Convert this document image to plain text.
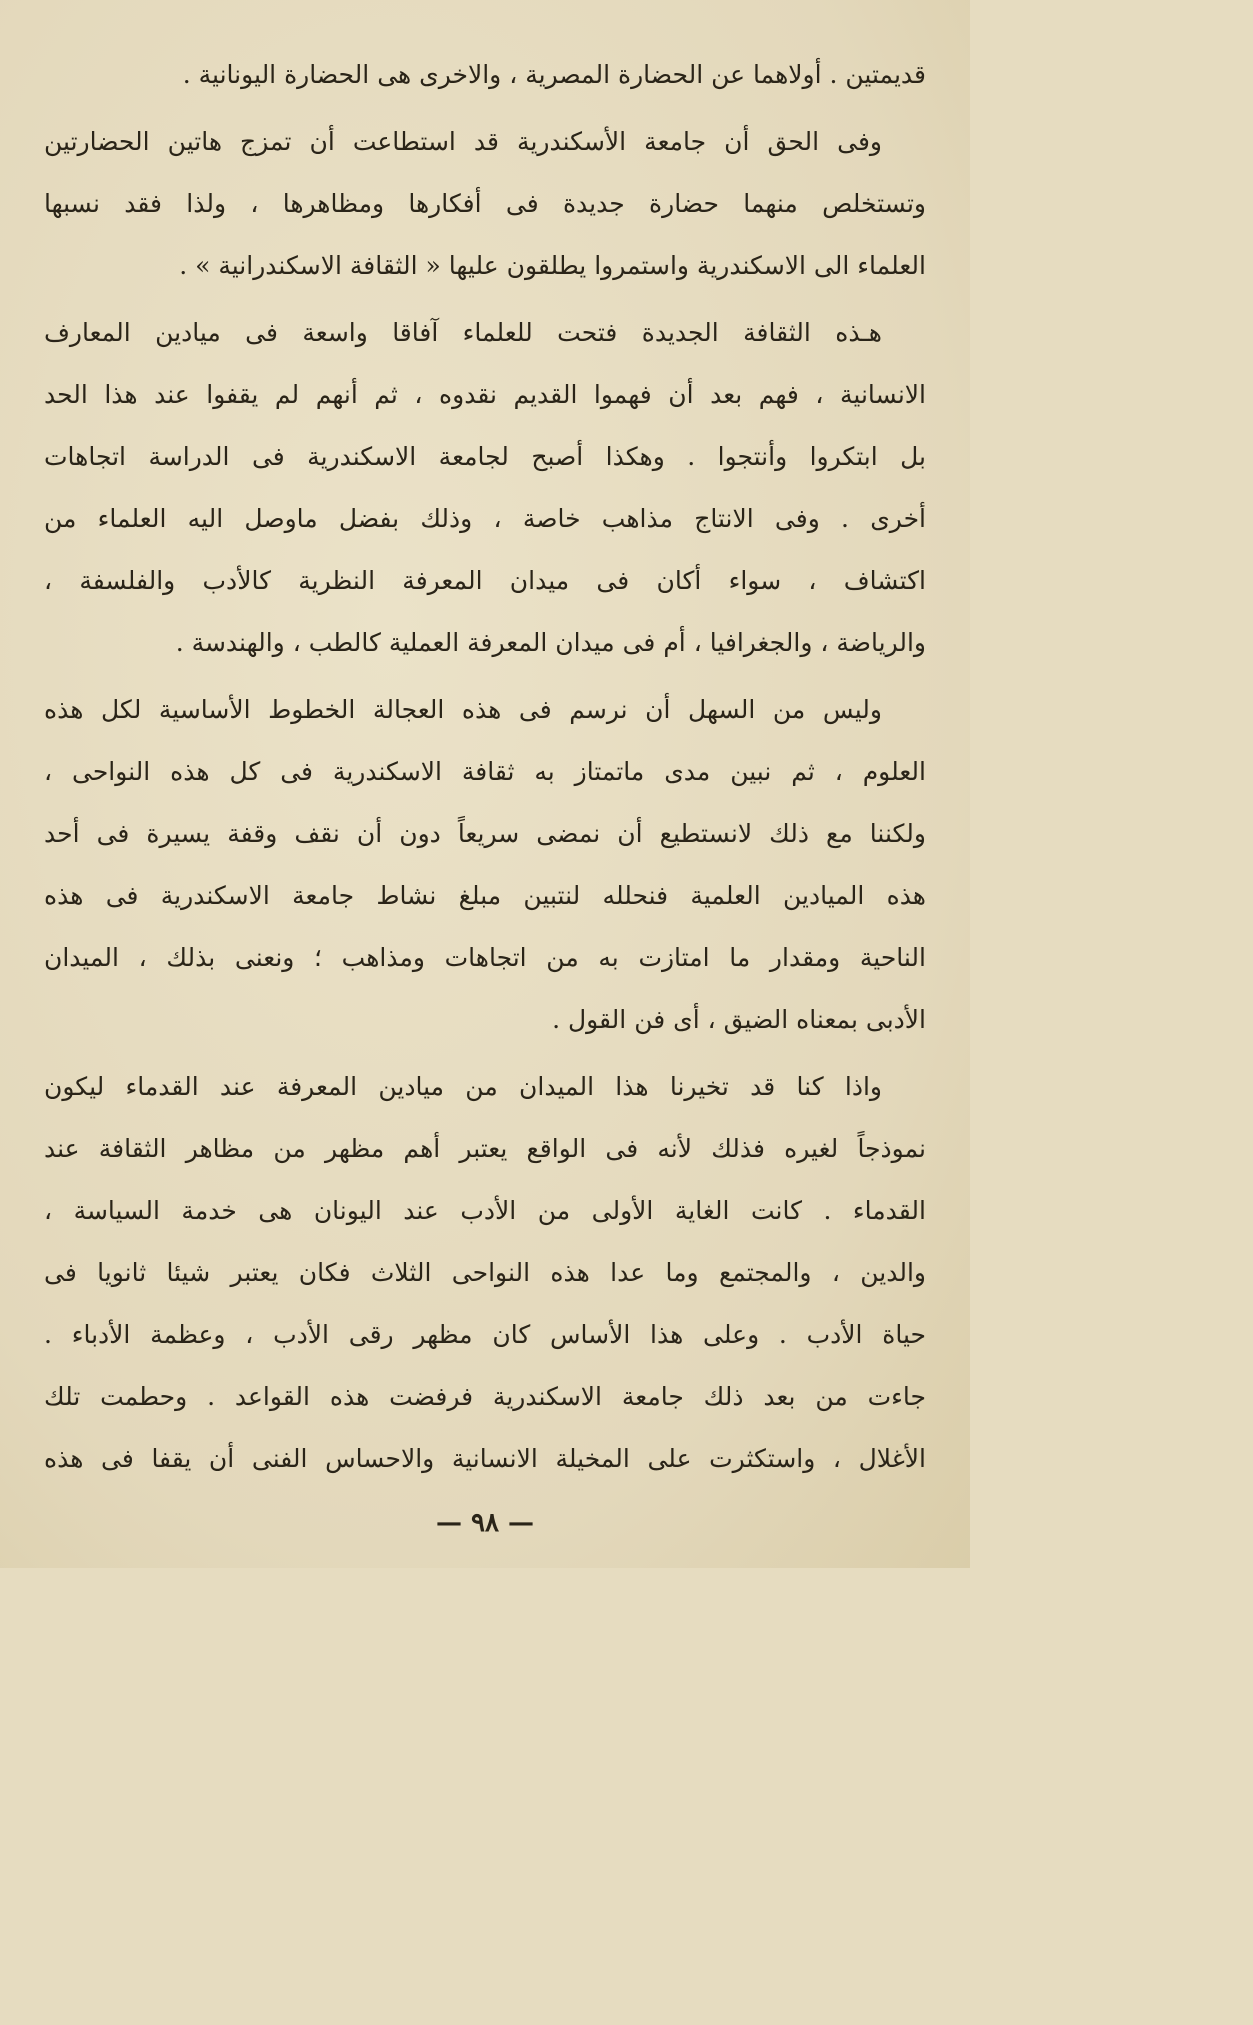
قديمتين . أولاهما عن الحضارة المصرية ، والاخرى هى الحضارة اليونانية .
وفى الحق أن جامعة الأسكندرية قد استطاعت أن تمزج هاتين الحضارتين
وتستخلص منهما حضارة جديدة فى أفكارها ومظاهرها ، ولذا فقد نسبها
العلماء الى الاسكندرية واستمروا يطلقون عليها « الثقافة الاسكندرانية » .
هـذه الثقافة الجديدة فتحت للعلماء آفاقا واسعة فى ميادين المعارف
الانسانية ، فهم بعد أن فهموا القديم نقدوه ، ثم أنهم لم يقفوا عند هذا الحد
بل ابتكروا وأنتجوا . وهكذا أصبح لجامعة الاسكندرية فى الدراسة اتجاهات
أخرى . وفى الانتاج مذاهب خاصة ، وذلك بفضل ماوصل اليه العلماء من
اكتشاف ، سواء أكان فى ميدان المعرفة النظرية كالأدب والفلسفة ،
والرياضة ، والجغرافيا ، أم فى ميدان المعرفة العملية كالطب ، والهندسة .
وليس من السهل أن نرسم فى هذه العجالة الخطوط الأساسية لكل هذه
العلوم ، ثم نبين مدى ماتمتاز به ثقافة الاسكندرية فى كل هذه النواحى ،
ولكننا مع ذلك لانستطيع أن نمضى سريعاً دون أن نقف وقفة يسيرة فى أحد
هذه الميادين العلمية فنحلله لنتبين مبلغ نشاط جامعة الاسكندرية فى هذه
الناحية ومقدار ما امتازت به من اتجاهات ومذاهب ؛ ونعنى بذلك ، الميدان
الأدبى بمعناه الضيق ، أى فن القول .
واذا كنا قد تخيرنا هذا الميدان من ميادين المعرفة عند القدماء ليكون
نموذجاً لغيره فذلك لأنه فى الواقع يعتبر أهم مظهر من مظاهر الثقافة عند
القدماء . كانت الغاية الأولى من الأدب عند اليونان هى خدمة السياسة ،
والدين ، والمجتمع وما عدا هذه النواحى الثلاث فكان يعتبر شيئا ثانويا فى
حياة الأدب . وعلى هذا الأساس كان مظهر رقى الأدب ، وعظمة الأدباء .
جاءت من بعد ذلك جامعة الاسكندرية فرفضت هذه القواعد . وحطمت تلك
الأغلال ، واستكثرت على المخيلة الانسانية والاحساس الفنى أن يقفا فى هذه
— ٩٨ —
